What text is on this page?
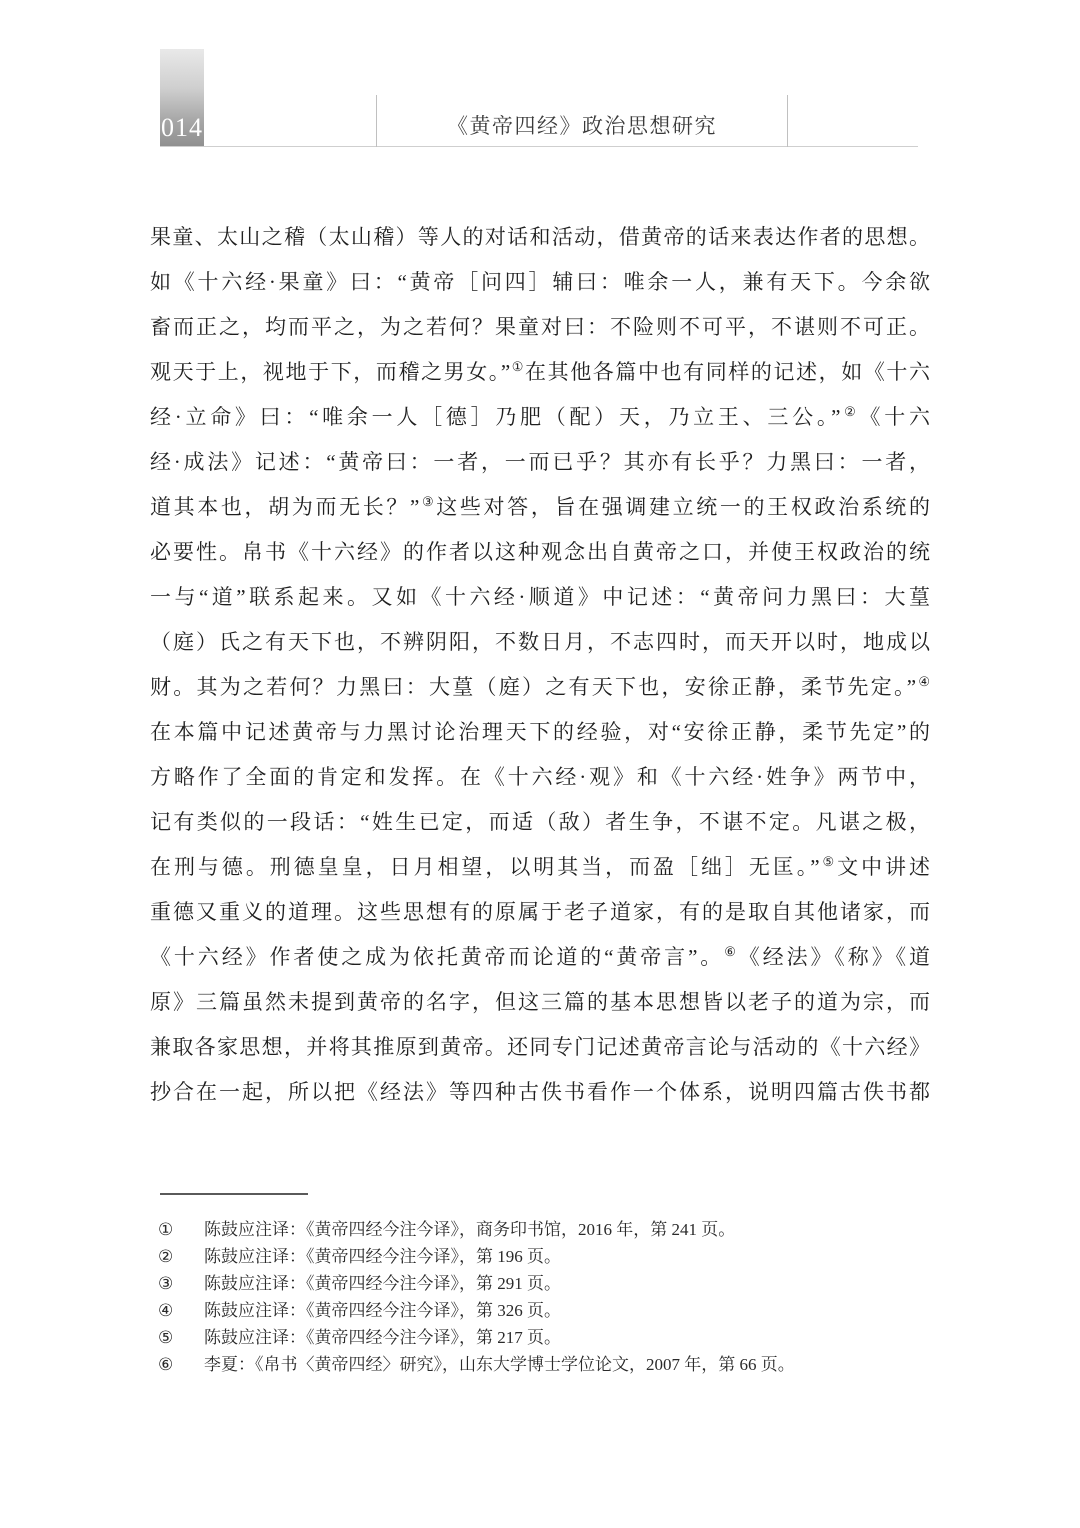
014	《黄帝四经》政治思想研究
果童、太山之稽（太山稽）等人的对话和活动，借黄帝的话来表达作者的思想。
如《十六经·果童》曰：“黄帝［问四］辅曰：唯余一人，兼有天下。今余欲
畜而正之，均而平之，为之若何？果童对曰：不险则不可平，不谌则不可正。
观天于上，视地于下，而稽之男女。”①在其他各篇中也有同样的记述，如《十六
经·立命》曰：“唯余一人［德］乃肥（配）天，乃立王、三公。”②《十六
经·成法》记述：“黄帝曰：一者，一而已乎？其亦有长乎？力黑曰：一者，
道其本也，胡为而无长？”③这些对答，旨在强调建立统一的王权政治系统的
必要性。帛书《十六经》的作者以这种观念出自黄帝之口，并使王权政治的统
一与“道”联系起来。又如《十六经·顺道》中记述：“黄帝问力黑曰：大葟
（庭）氏之有天下也，不辨阴阳，不数日月，不志四时，而天开以时，地成以
财。其为之若何？力黑曰：大葟（庭）之有天下也，安徐正静，柔节先定。”④
在本篇中记述黄帝与力黑讨论治理天下的经验，对“安徐正静，柔节先定”的
方略作了全面的肯定和发挥。在《十六经·观》和《十六经·姓争》两节中，
记有类似的一段话：“姓生已定，而适（敌）者生争，不谌不定。凡谌之极，
在刑与德。刑德皇皇，日月相望，以明其当，而盈［绌］无匡。”⑤文中讲述
重德又重义的道理。这些思想有的原属于老子道家，有的是取自其他诸家，而
《十六经》作者使之成为依托黄帝而论道的“黄帝言”。⑥《经法》《称》《道
原》三篇虽然未提到黄帝的名字，但这三篇的基本思想皆以老子的道为宗，而
兼取各家思想，并将其推原到黄帝。还同专门记述黄帝言论与活动的《十六经》
抄合在一起，所以把《经法》等四种古佚书看作一个体系，说明四篇古佚书都
①	陈鼓应注译：《黄帝四经今注今译》，商务印书馆，2016 年，第 241 页。
②	陈鼓应注译：《黄帝四经今注今译》，第 196 页。
③	陈鼓应注译：《黄帝四经今注今译》，第 291 页。
④	陈鼓应注译：《黄帝四经今注今译》，第 326 页。
⑤	陈鼓应注译：《黄帝四经今注今译》，第 217 页。
⑥	李夏：《帛书〈黄帝四经〉研究》，山东大学博士学位论文，2007 年，第 66 页。
